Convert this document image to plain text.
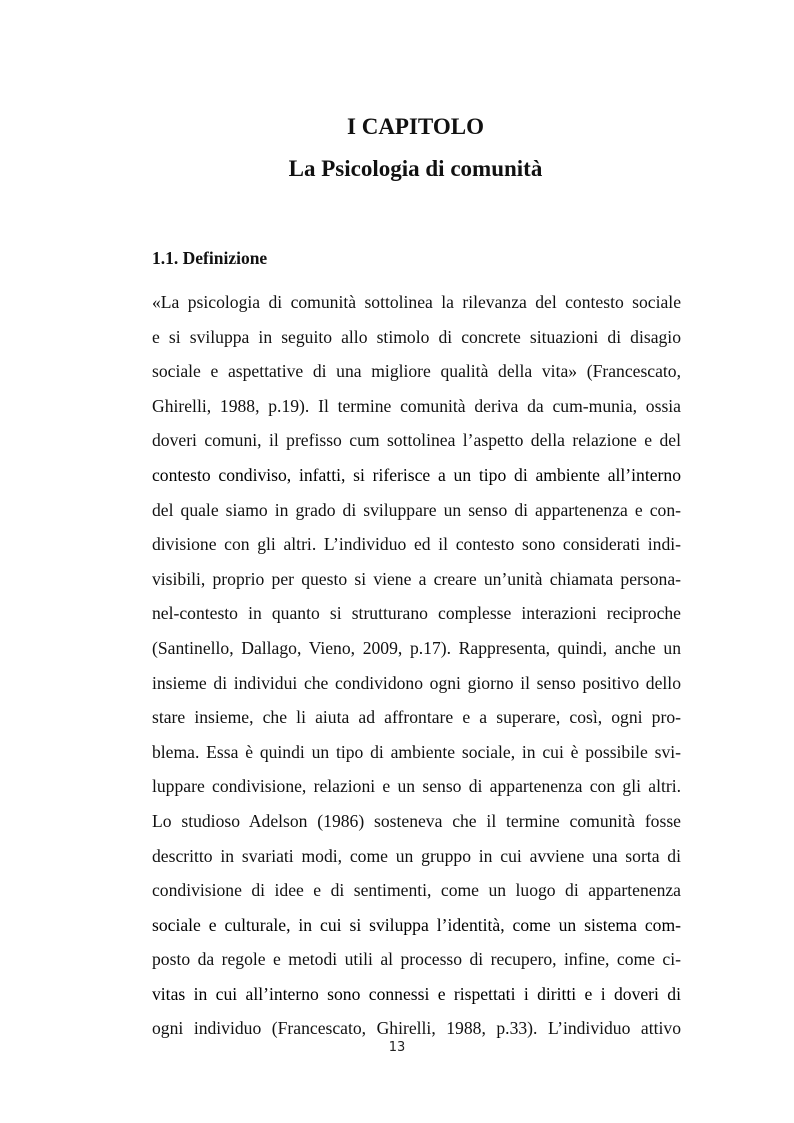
I CAPITOLO
La Psicologia di comunità
1.1. Definizione
«La psicologia di comunità sottolinea la rilevanza del contesto sociale
e si sviluppa in seguito allo stimolo di concrete situazioni di disagio
sociale e aspettative di una migliore qualità della vita» (Francescato,
Ghirelli, 1988, p.19). Il termine comunità deriva da cum-munia, ossia
doveri comuni, il prefisso cum sottolinea l’aspetto della relazione e del
contesto condiviso, infatti, si riferisce a un tipo di ambiente all’interno
del quale siamo in grado di sviluppare un senso di appartenenza e con-
divisione con gli altri. L’individuo ed il contesto sono considerati indi-
visibili, proprio per questo si viene a creare un’unità chiamata persona-
nel-contesto in quanto si strutturano complesse interazioni reciproche
(Santinello, Dallago, Vieno, 2009, p.17). Rappresenta, quindi, anche un
insieme di individui che condividono ogni giorno il senso positivo dello
stare insieme, che li aiuta ad affrontare e a superare, così, ogni pro-
blema. Essa è quindi un tipo di ambiente sociale, in cui è possibile svi-
luppare condivisione, relazioni e un senso di appartenenza con gli altri.
Lo studioso Adelson (1986) sosteneva che il termine comunità fosse
descritto in svariati modi, come un gruppo in cui avviene una sorta di
condivisione di idee e di sentimenti, come un luogo di appartenenza
sociale e culturale, in cui si sviluppa l’identità, come un sistema com-
posto da regole e metodi utili al processo di recupero, infine, come ci-
vitas in cui all’interno sono connessi e rispettati i diritti e i doveri di
ogni individuo (Francescato, Ghirelli, 1988, p.33). L’individuo attivo

13
